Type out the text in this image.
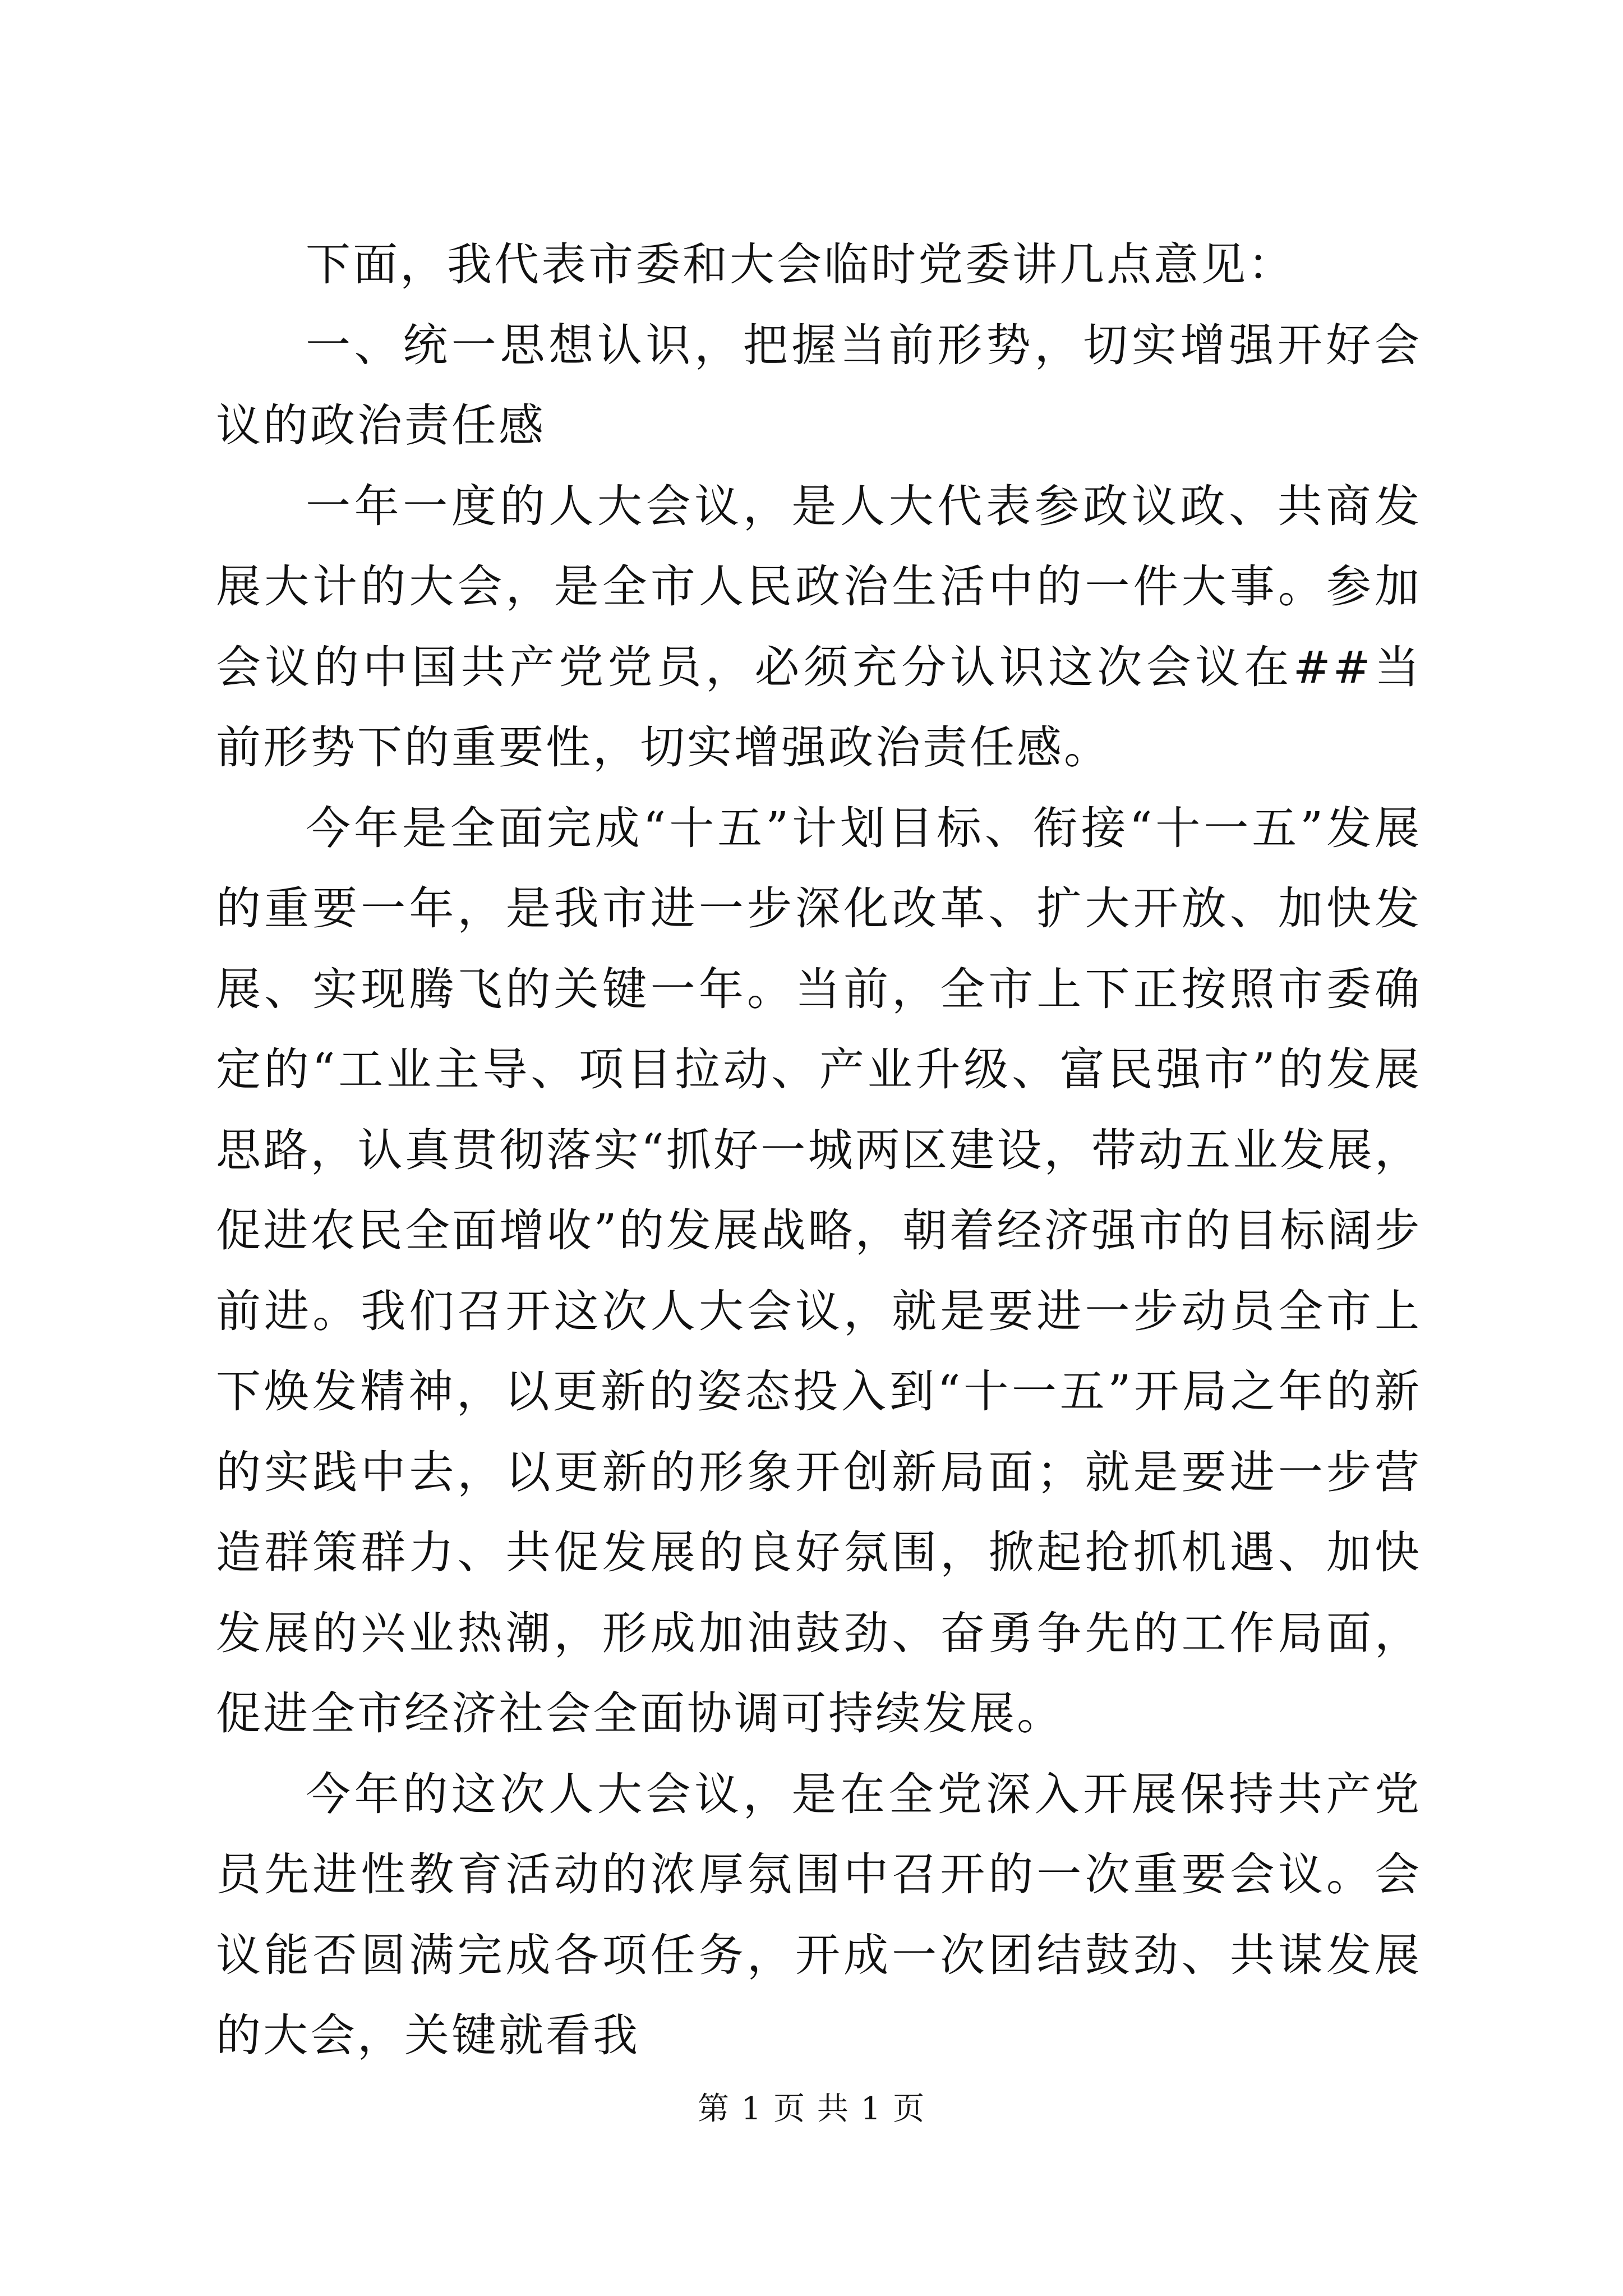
下面，我代表市委和大会临时党委讲几点意见：

一、统一思想认识，把握当前形势，切实增强开好会议的政治责任感

一年一度的人大会议，是人大代表参政议政、共商发展大计的大会，是全市人民政治生活中的一件大事。参加会议的中国共产党党员，必须充分认识这次会议在##当前形势下的重要性，切实增强政治责任感。

今年是全面完成“十五”计划目标、衔接“十一五”发展的重要一年，是我市进一步深化改革、扩大开放、加快发展、实现腾飞的关键一年。当前，全市上下正按照市委确定的“工业主导、项目拉动、产业升级、富民强市”的发展思路，认真贯彻落实“抓好一城两区建设，带动五业发展，促进农民全面增收”的发展战略，朝着经济强市的目标阔步前进。我们召开这次人大会议，就是要进一步动员全市上下焕发精神，以更新的姿态投入到“十一五”开局之年的新的实践中去，以更新的形象开创新局面；就是要进一步营造群策群力、共促发展的良好氛围，掀起抢抓机遇、加快发展的兴业热潮，形成加油鼓劲、奋勇争先的工作局面，促进全市经济社会全面协调可持续发展。

今年的这次人大会议，是在全党深入开展保持共产党员先进性教育活动的浓厚氛围中召开的一次重要会议。会议能否圆满完成各项任务，开成一次团结鼓劲、共谋发展的大会，关键就看我

第 1 页 共 1 页
